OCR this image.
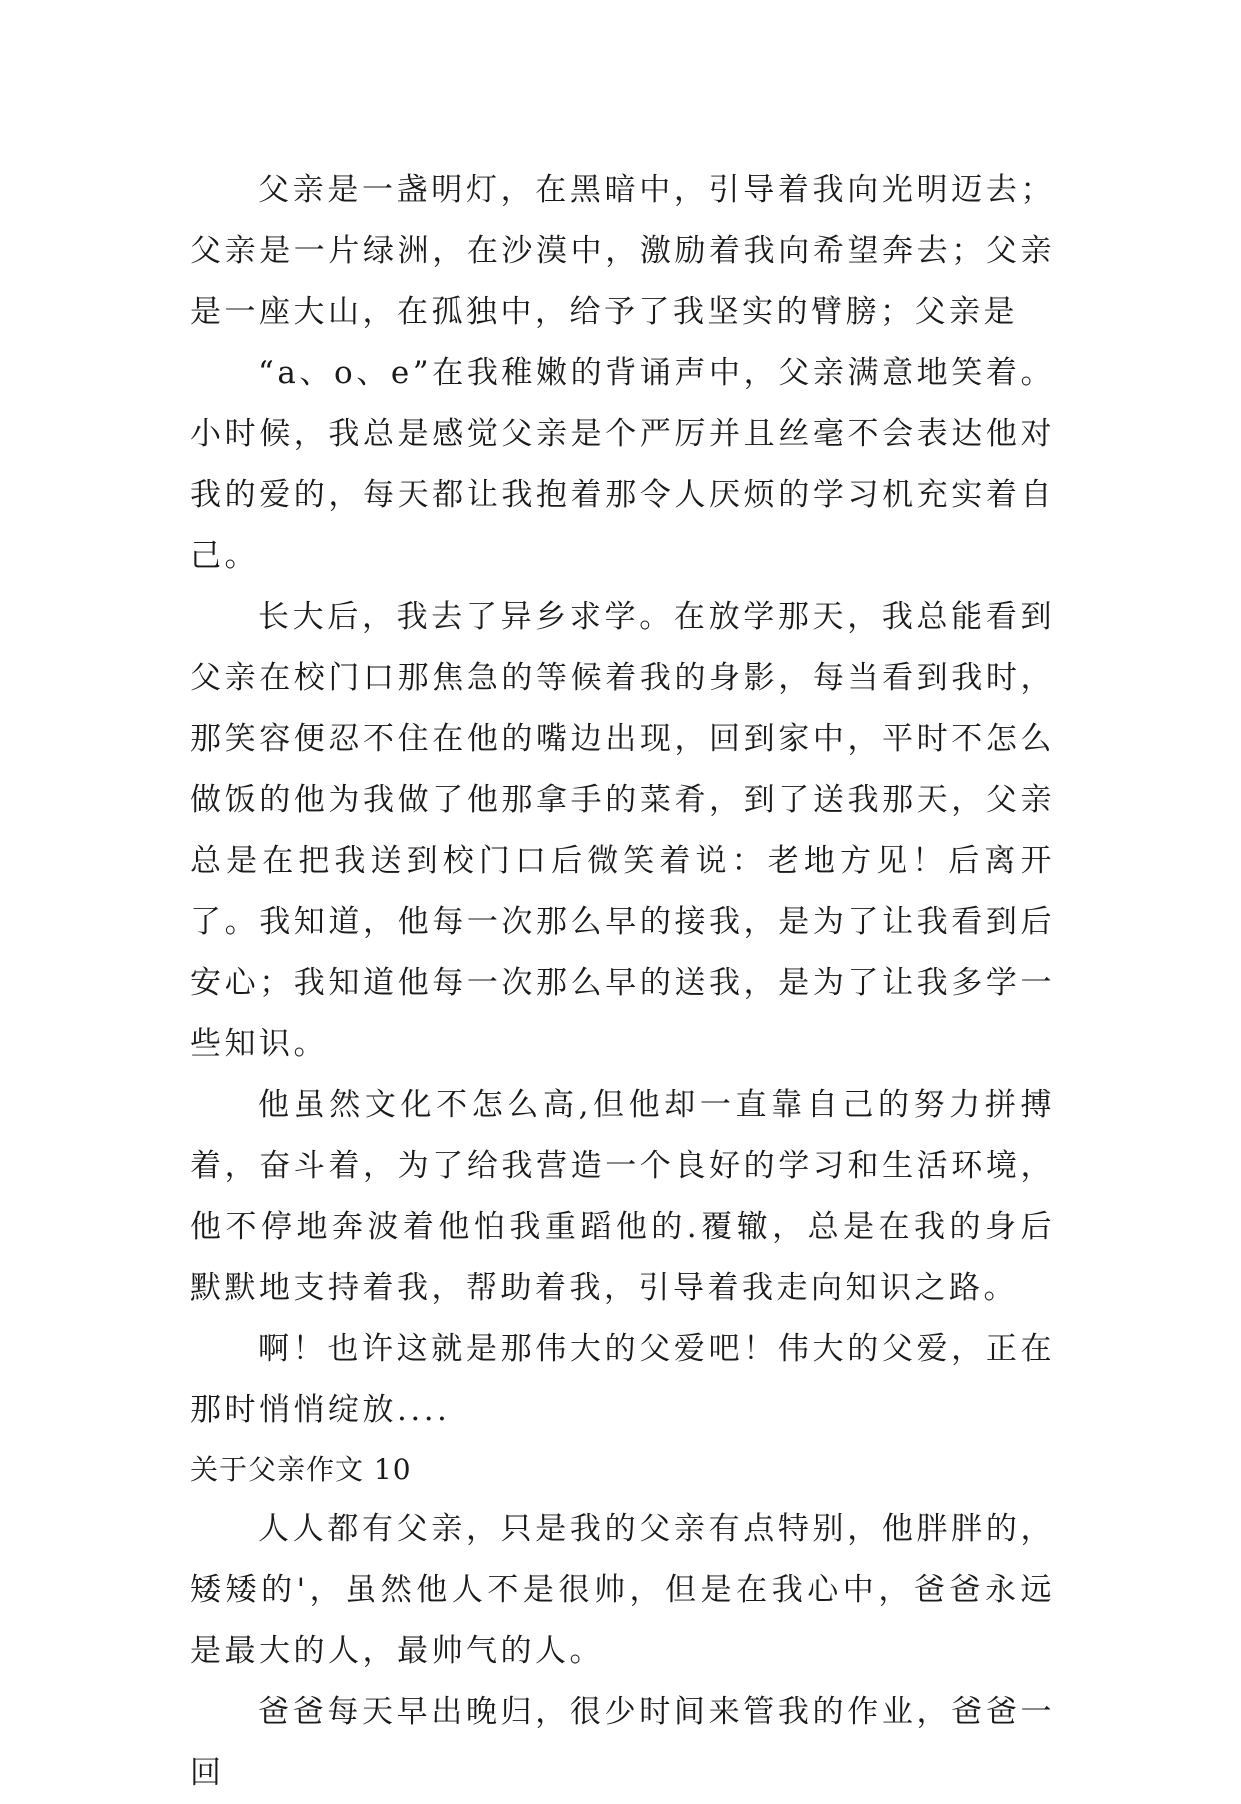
父亲是一盏明灯，在黑暗中，引导着我向光明迈去；父亲是一片绿洲，在沙漠中，激励着我向希望奔去；父亲是一座大山，在孤独中，给予了我坚实的臂膀；父亲是

“a、o、e”在我稚嫩的背诵声中，父亲满意地笑着。小时候，我总是感觉父亲是个严厉并且丝毫不会表达他对我的爱的，每天都让我抱着那令人厌烦的学习机充实着自己。

长大后，我去了异乡求学。在放学那天，我总能看到父亲在校门口那焦急的等候着我的身影，每当看到我时，那笑容便忍不住在他的嘴边出现，回到家中，平时不怎么做饭的他为我做了他那拿手的菜肴，到了送我那天，父亲总是在把我送到校门口后微笑着说：老地方见！后离开了。我知道，他每一次那么早的接我，是为了让我看到后安心；我知道他每一次那么早的送我，是为了让我多学一些知识。

他虽然文化不怎么高,但他却一直靠自己的努力拼搏着，奋斗着，为了给我营造一个良好的学习和生活环境，他不停地奔波着他怕我重蹈他的.覆辙，总是在我的身后默默地支持着我，帮助着我，引导着我走向知识之路。

啊！也许这就是那伟大的父爱吧！伟大的父爱，正在那时悄悄绽放....

关于父亲作文 10

人人都有父亲，只是我的父亲有点特别，他胖胖的，矮矮的'，虽然他人不是很帅，但是在我心中，爸爸永远是最大的人，最帅气的人。

爸爸每天早出晚归，很少时间来管我的作业，爸爸一回
